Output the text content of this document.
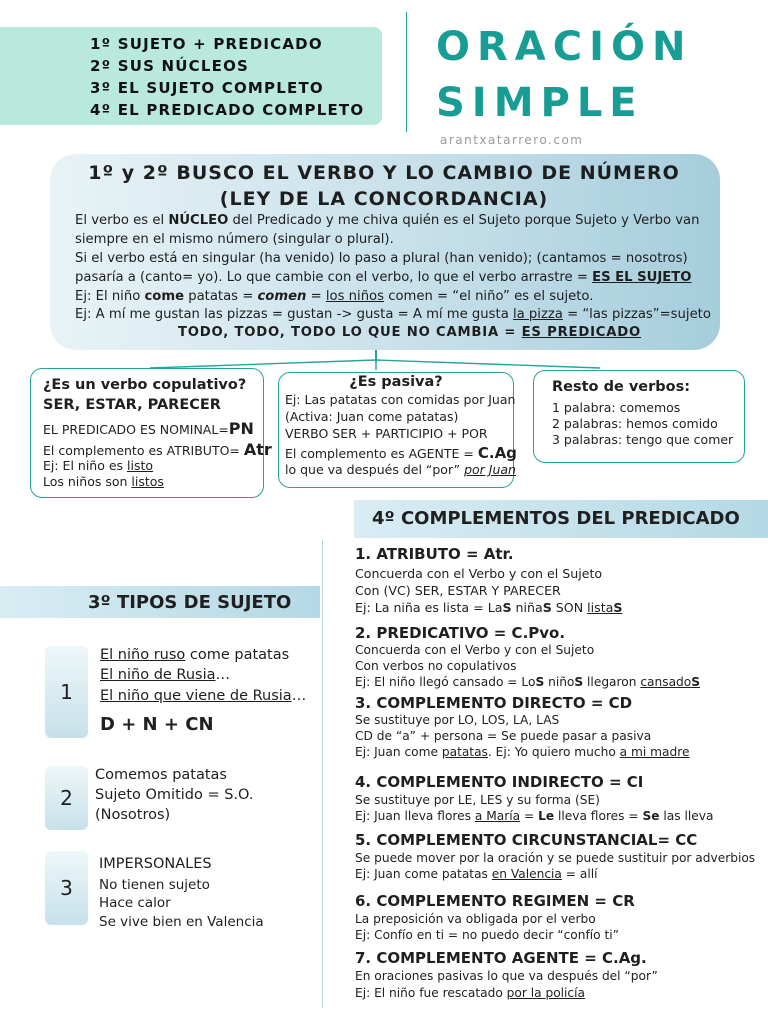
1º SUJETO + PREDICADO
2º SUS NÚCLEOS
3º EL SUJETO COMPLETO
4º EL PREDICADO COMPLETO
ORACIÓN
SIMPLE
arantxatarrero.com
1º y 2º BUSCO EL VERBO Y LO CAMBIO DE NÚMERO
(LEY DE LA CONCORDANCIA)
El verbo es el NÚCLEO del Predicado y me chiva quién es el Sujeto porque Sujeto y Verbo van
siempre en el mismo número (singular o plural).
Si el verbo está en singular (ha venido) lo paso a plural (han venido); (cantamos = nosotros)
pasaría a (canto= yo). Lo que cambie con el verbo, lo que el verbo arrastre = ES EL SUJETO
Ej: El niño come patatas = comen = los niños comen = “el niño” es el sujeto.
Ej: A mí me gustan las pizzas = gustan -> gusta = A mí me gusta la pizza = “las pizzas”=sujeto
TODO, TODO, TODO LO QUE NO CAMBIA = ES PREDICADO
¿Es un verbo copulativo?
SER, ESTAR, PARECER
EL PREDICADO ES NOMINAL=PN
El complemento es ATRIBUTO= Atr
Ej: El niño es listo
Los niños son listos
¿Es pasiva?
Ej: Las patatas con comidas por Juan
(Activa: Juan come patatas)
VERBO SER + PARTICIPIO + POR
El complemento es AGENTE = C.Ag
lo que va después del “por” por Juan
Resto de verbos:
1 palabra: comemos
2 palabras: hemos comido
3 palabras: tengo que comer
4º COMPLEMENTOS DEL PREDICADO
3º TIPOS DE SUJETO
1
El niño ruso come patatas
El niño de Rusia…
El niño que viene de Rusia…
D + N + CN
2
Comemos patatas
Sujeto Omitido = S.O.
(Nosotros)
3
IMPERSONALES
No tienen sujeto
Hace calor
Se vive bien en Valencia
1. ATRIBUTO = Atr.
Concuerda con el Verbo y con el Sujeto
Con (VC) SER, ESTAR Y PARECER
Ej: La niña es lista = LaS niñaS SON listaS
2. PREDICATIVO = C.Pvo.
Concuerda con el Verbo y con el Sujeto
Con verbos no copulativos
Ej: El niño llegó cansado = LoS niñoS llegaron cansadoS
3. COMPLEMENTO DIRECTO = CD
Se sustituye por LO, LOS, LA, LAS
CD de “a” + persona = Se puede pasar a pasiva
Ej: Juan come patatas. Ej: Yo quiero mucho a mi madre
4. COMPLEMENTO INDIRECTO = CI
Se sustituye por LE, LES y su forma (SE)
Ej: Juan lleva flores a María = Le lleva flores = Se las lleva
5. COMPLEMENTO CIRCUNSTANCIAL= CC
Se puede mover por la oración y se puede sustituir por adverbios
Ej: Juan come patatas en Valencia = allí
6. COMPLEMENTO REGIMEN = CR
La preposición va obligada por el verbo
Ej: Confío en ti = no puedo decir “confío ti”
7. COMPLEMENTO AGENTE = C.Ag.
En oraciones pasivas lo que va después del “por”
Ej: El niño fue rescatado por la policía
